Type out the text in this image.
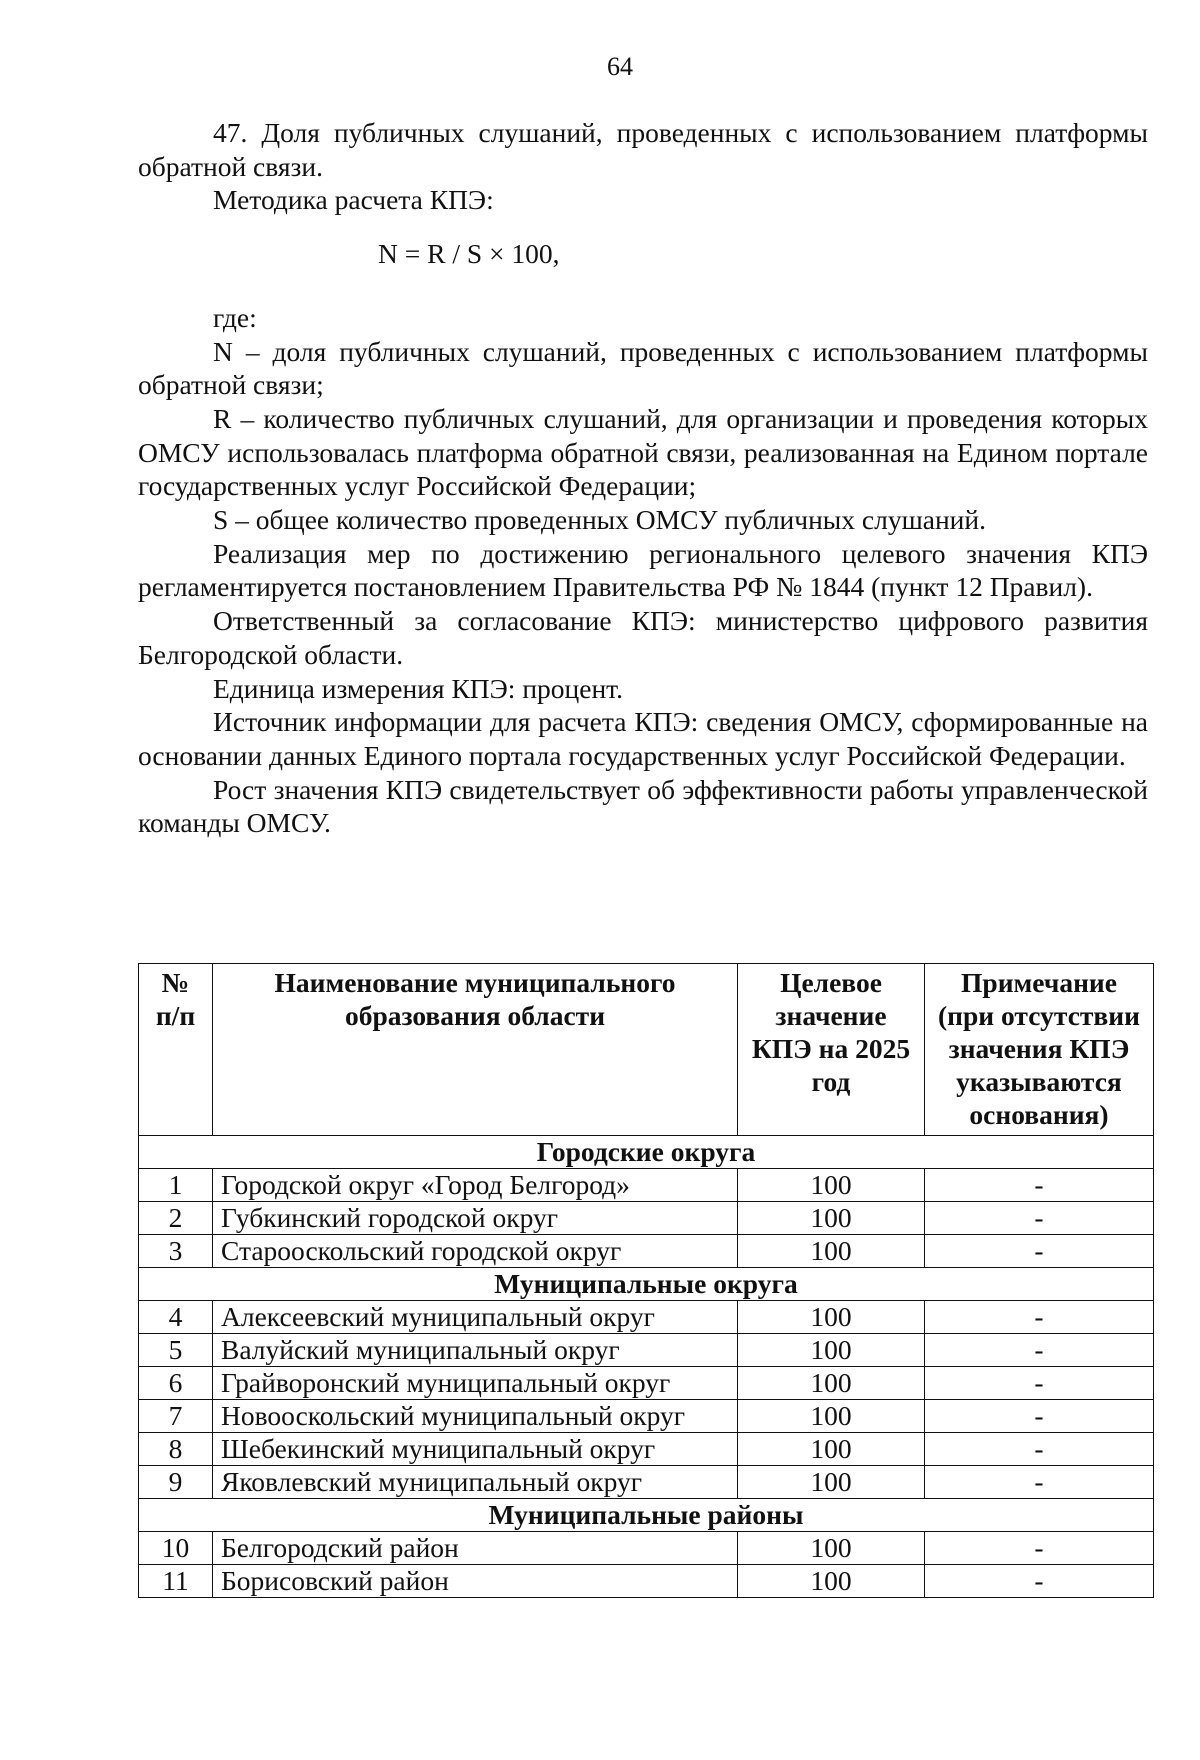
64

47. Доля публичных слушаний, проведенных с использованием платформы обратной связи.

Методика расчета КПЭ:

N = R / S × 100,

где:

N – доля публичных слушаний, проведенных с использованием платформы обратной связи;

R – количество публичных слушаний, для организации и проведения которых ОМСУ использовалась платформа обратной связи, реализованная на Едином портале государственных услуг Российской Федерации;

S – общее количество проведенных ОМСУ публичных слушаний.

Реализация мер по достижению регионального целевого значения КПЭ регламентируется постановлением Правительства РФ № 1844 (пункт 12 Правил).

Ответственный за согласование КПЭ: министерство цифрового развития Белгородской области.

Единица измерения КПЭ: процент.

Источник информации для расчета КПЭ: сведения ОМСУ, сформированные на основании данных Единого портала государственных услуг Российской Федерации.

Рост значения КПЭ свидетельствует об эффективности работы управленческой команды ОМСУ.

№ п/п	Наименование муниципального образования области	Целевое значение КПЭ на 2025 год	Примечание
(при отсутствии значения КПЭ указываются основания)
Городские округа			
1	Городской округ «Город Белгород»	100	-
2	Губкинский городской округ	100	-
3	Старооскольский городской округ	100	-
Муниципальные округа			
4	Алексеевский муниципальный округ	100	-
5	Валуйский муниципальный округ	100	-
6	Грайворонский муниципальный округ	100	-
7	Новооскольский муниципальный округ	100	-
8	Шебекинский муниципальный округ	100	-
9	Яковлевский муниципальный округ	100	-
Муниципальные районы			
10	Белгородский район	100	-
11	Борисовский район	100	-
